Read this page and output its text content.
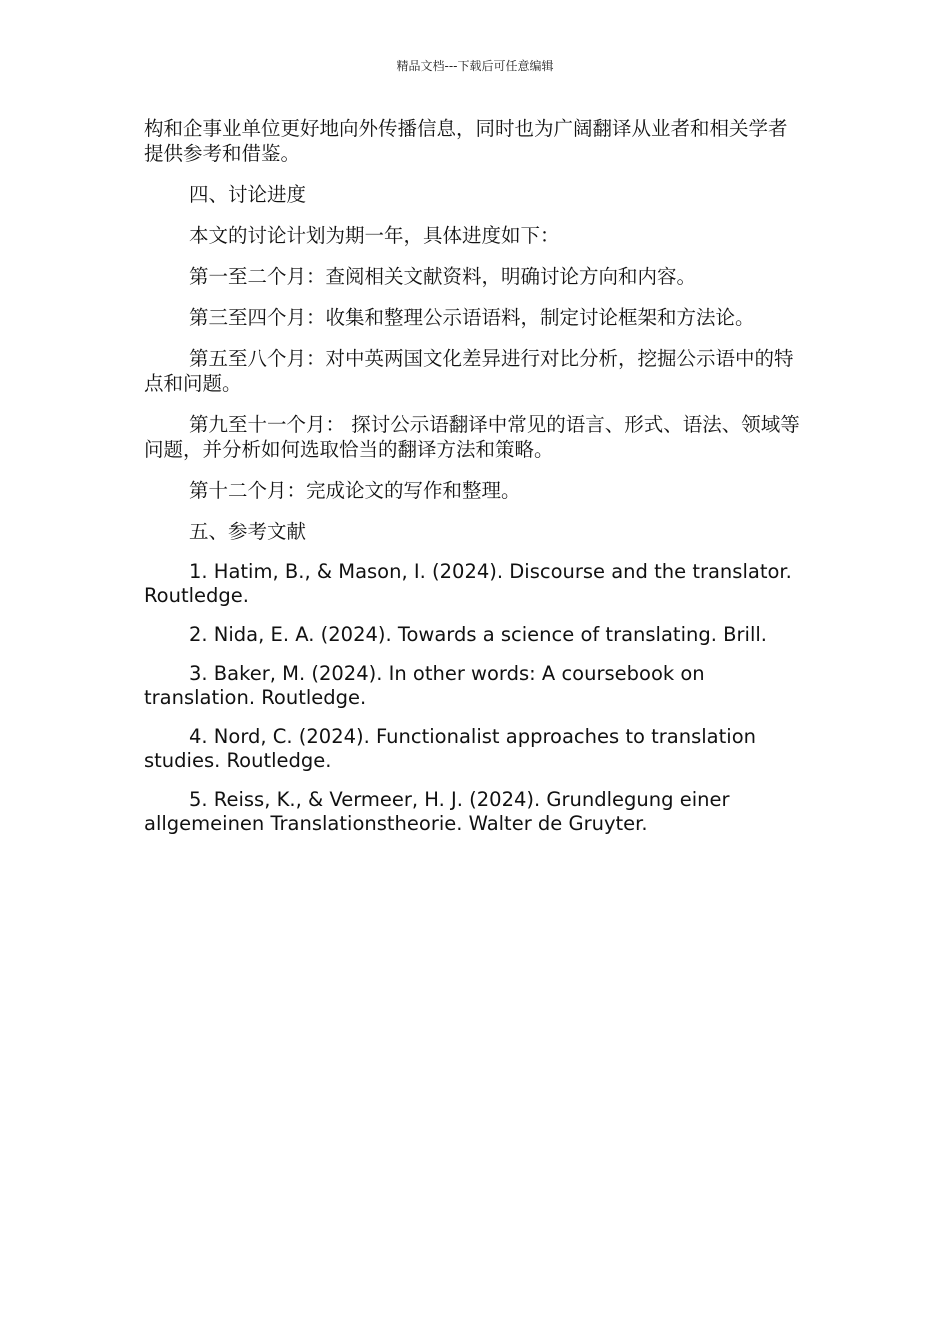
精品文档---下载后可任意编辑

构和企事业单位更好地向外传播信息，同时也为广阔翻译从业者和相关学者提供参考和借鉴。

四、讨论进度

本文的讨论计划为期一年，具体进度如下：

第一至二个月：查阅相关文献资料，明确讨论方向和内容。

第三至四个月：收集和整理公示语语料，制定讨论框架和方法论。

第五至八个月：对中英两国文化差异进行对比分析，挖掘公示语中的特点和问题。

第九至十一个月： 探讨公示语翻译中常见的语言、形式、语法、领域等问题，并分析如何选取恰当的翻译方法和策略。

第十二个月：完成论文的写作和整理。

五、参考文献

1. Hatim, B., & Mason, I. (2024). Discourse and the translator. Routledge.

2. Nida, E. A. (2024). Towards a science of translating. Brill.

3. Baker, M. (2024). In other words: A coursebook on translation. Routledge.

4. Nord, C. (2024). Functionalist approaches to translation studies. Routledge.

5. Reiss, K., & Vermeer, H. J. (2024). Grundlegung einer allgemeinen Translationstheorie. Walter de Gruyter.
